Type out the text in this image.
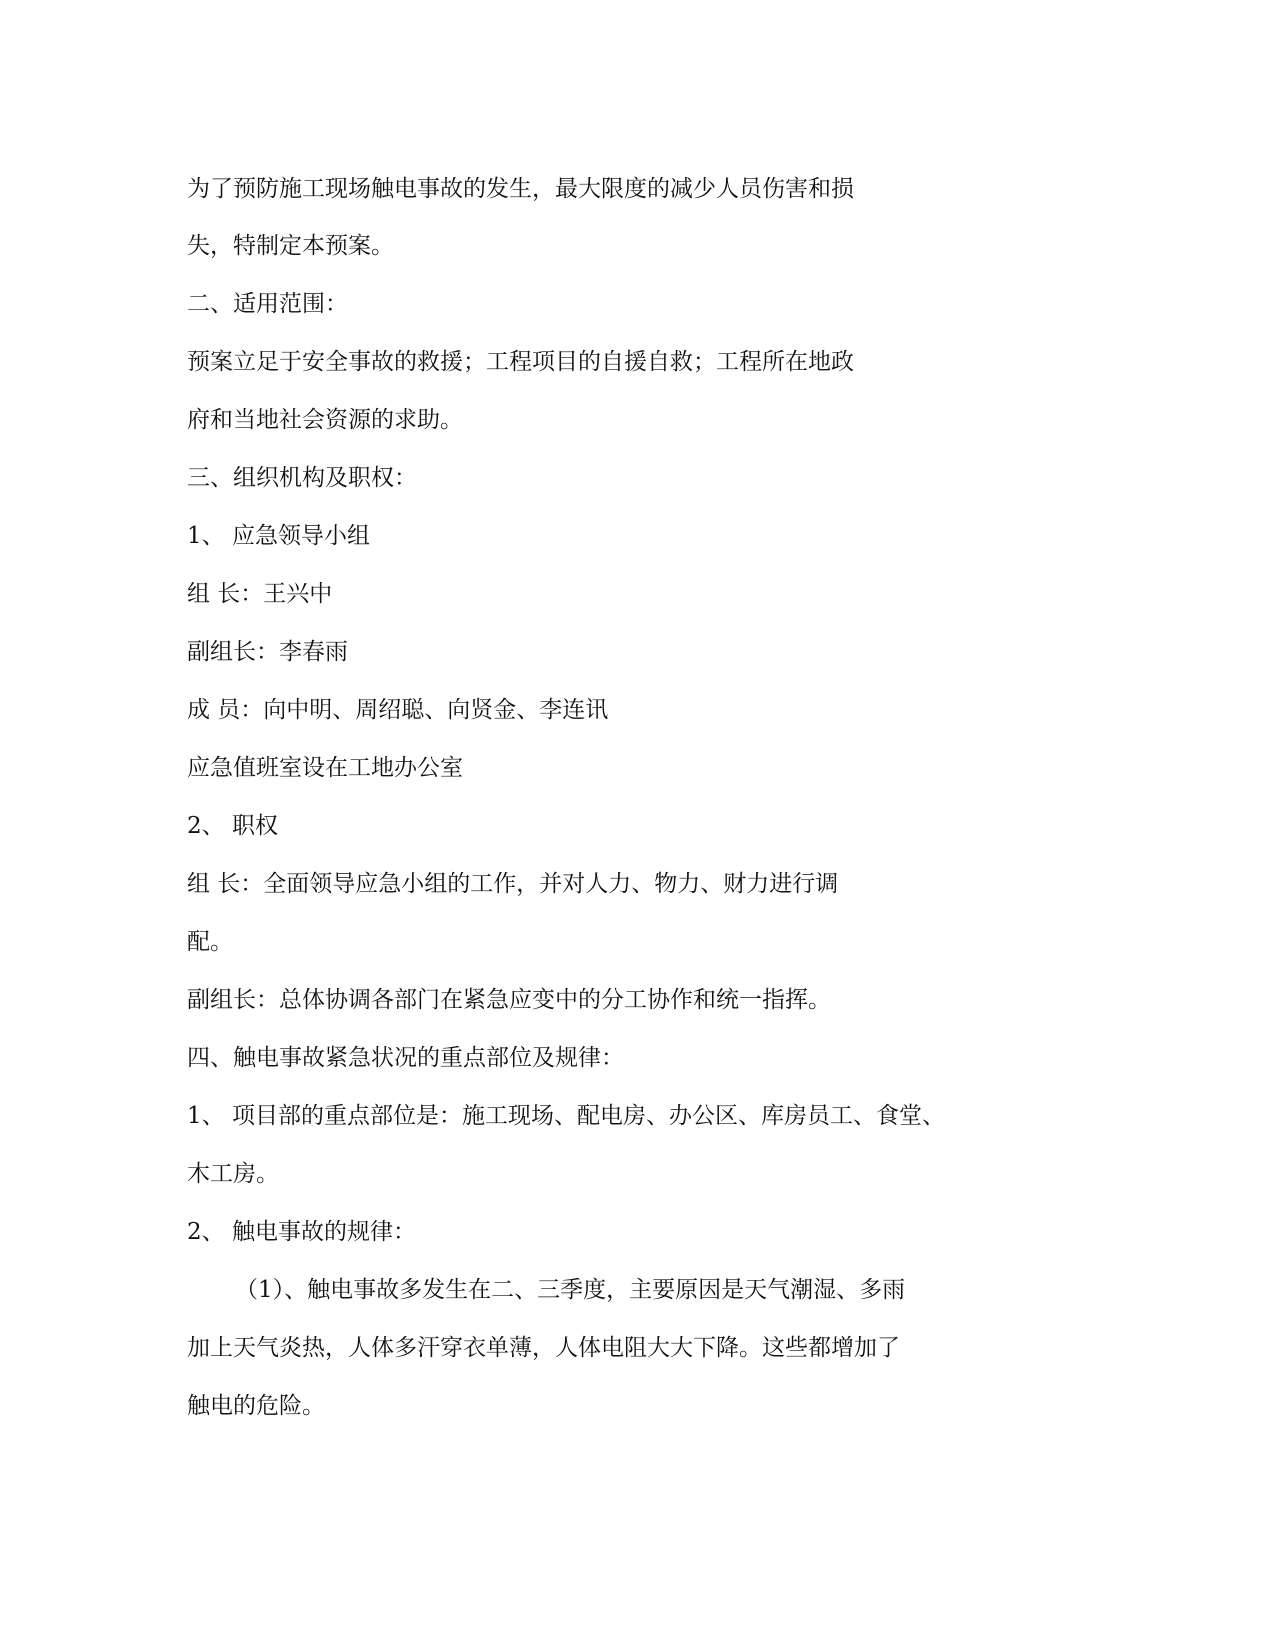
为了预防施工现场触电事故的发生，最大限度的减少人员伤害和损

失，特制定本预案。

二、适用范围：

预案立足于安全事故的救援；工程项目的自援自救；工程所在地政

府和当地社会资源的求助。

三、组织机构及职权：

1、 应急领导小组

组 长：王兴中

副组长：李春雨

成 员：向中明、周绍聪、向贤金、李连讯

应急值班室设在工地办公室

2、 职权

组 长：全面领导应急小组的工作，并对人力、物力、财力进行调

配。

副组长：总体协调各部门在紧急应变中的分工协作和统一指挥。

四、触电事故紧急状况的重点部位及规律：

1、 项目部的重点部位是：施工现场、配电房、办公区、库房员工、食堂、

木工房。

2、 触电事故的规律：

（1）、触电事故多发生在二、三季度，主要原因是天气潮湿、多雨

加上天气炎热，人体多汗穿衣单薄，人体电阻大大下降。这些都增加了

触电的危险。
